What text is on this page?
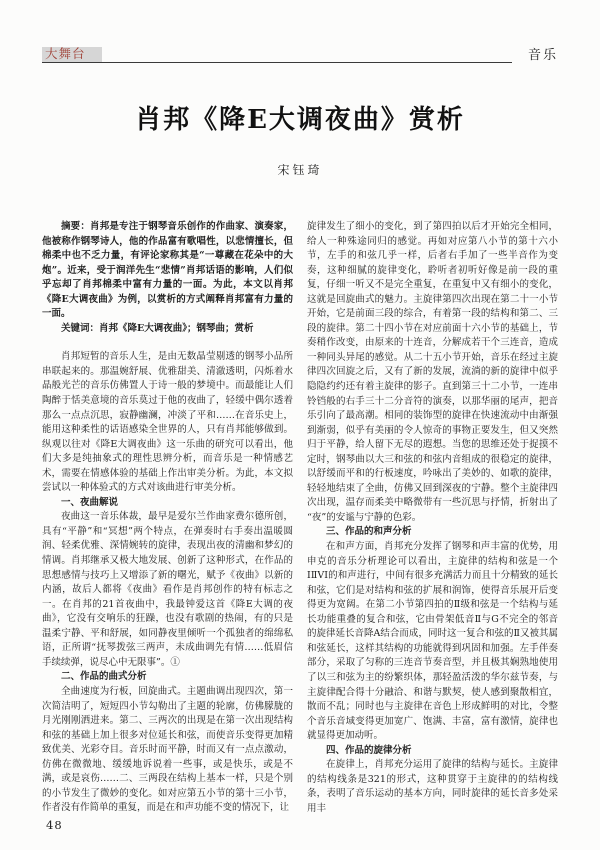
大舞台	音乐
肖邦《降E大调夜曲》赏析
宋钰琦

摘要：肖邦是专注于钢琴音乐创作的作曲家、演奏家，他被称作钢琴诗人，他的作品富有歌唱性，以悲情擅长，但棉柔中也不乏力量，有评论家称其是“一尊藏在花朵中的大炮”。近来，受于润洋先生“悲情”肖邦话语的影响，人们似乎忘却了肖邦棉柔中富有力量的一面。为此，本文以肖邦《降E大调夜曲》为例，以赏析的方式阐释肖邦富有力量的一面。

关键词：肖邦《降E大调夜曲》；钢琴曲；赏析

肖邦短暂的音乐人生，是由无数晶莹剔透的钢琴小品所串联起来的。那温婉舒展、优雅甜美、清澈透明，闪烁着水晶般光芒的音乐仿佛置人于诗一般的梦境中。而最能让人们陶醉于恬美意境的音乐莫过于他的夜曲了，轻缓中偶尔透着那么一点点沉思，寂静幽澜，冲淡了平和……在音乐史上，能用这种柔性的话语感染全世界的人，只有肖邦能够做到。纵观以往对《降E大调夜曲》这一乐曲的研究可以看出，他们大多是纯抽象式的理性思辨分析，而音乐是一种情感艺术，需要在情感体验的基础上作出审美分析。为此，本文拟尝试以一种体验式的方式对该曲进行审美分析。

一、夜曲解说

夜曲这一音乐体裁，最早是爱尔兰作曲家费尔德所创，具有“平静”和“冥想”两个特点，在弹奏时右手奏出温暖圆润、轻柔优雅、深情婉转的旋律，表现出夜的清幽和梦幻的情调。肖邦继承又极大地发展、创新了这种形式，在作品的思想感情与技巧上又增添了新的曙光，赋予《夜曲》以新的内涵，故后人都将《夜曲》看作是肖邦创作的特有标志之一。在肖邦的21首夜曲中，我最钟爱这首《降E大调的夜曲》，它没有交响乐的狂躁，也没有歌剧的热闹，有的只是温柔宁静、平和舒展，如同静夜里倾听一个孤独者的绵绵私语，正所谓“抚琴拨弦三两声，未成曲调先有情……低眉信手续续弹，说尽心中无限事”。①

二、作品的曲式分析

全曲速度为行板，回旋曲式。主题曲调出现四次，第一次简洁明了，短短四小节勾勒出了主题的轮廓，仿佛朦胧的月光刚刚洒进来。第二、三两次的出现是在第一次出现结构和弦的基础上加上很多对位延长和弦，而使音乐变得更加精致优美、光彩夺目。音乐时而平静，时而又有一点点激动，仿佛在微微地、缓缓地诉说着一些事，或是快乐，或是不满，或是哀伤……二、三两段在结构上基本一样，只是个别的小节发生了微妙的变化。如对应第五小节的第十三小节，作者没有作简单的重复，而是在和声功能不变的情况下，让

旋律发生了细小的变化，到了第四拍以后才开始完全相同，给人一种殊途同归的感觉。再如对应第八小节的第十六小节，左手的和弦几乎一样，后者右手加了一些半音作为变奏，这种细腻的旋律变化，聆听者初听好像是前一段的重复，仔细一听又不是完全重复，在重复中又有细小的变化，这就是回旋曲式的魅力。主旋律第四次出现在第二十一小节开始，它是前面三段的综合，有着第一段的结构和第二、三段的旋律。第二十四小节在对应前面十六小节的基础上，节奏稍作改变，由原来的十连音，分解成若干个三连音，造成一种同头异尾的感觉。从二十五小节开始，音乐在经过主旋律四次回旋之后，又有了新的发展，流淌的新的旋律中似乎隐隐约约还有着主旋律的影子。直到第三十二小节，一连串铃铛般的右手三十二分音符的演奏，以那华丽的尾声，把音乐引向了最高潮。相同的装饰型的旋律在快速流动中由渐强到渐弱，似乎有美丽的令人惊奇的事物正要发生，但又突然归于平静，给人留下无尽的遐想。当您的思维还处于捉摸不定时，钢琴曲以大三和弦的和弦内音组成的很稳定的旋律，以舒缓而平和的行板速度，吟咏出了美妙的、如歌的旋律，轻轻地结束了全曲，仿佛又回到深夜的宁静。整个主旋律四次出现，温存而柔美中略微带有一些沉思与抒情，折射出了“夜”的安谧与宁静的色彩。

三、作品的和声分析

在和声方面，肖邦充分发挥了钢琴和声丰富的优势，用申克的音乐分析理论可以看出，主旋律的结构和弦是一个ⅠⅡⅤⅠ的和声进行，中间有很多充满活力而且十分精致的延长和弦，它们是对结构和弦的扩展和润饰，使得音乐展开后变得更为宽阔。在第二小节第四拍的Ⅱ级和弦是一个结构与延长功能重叠的复合和弦，它由骨架低音Ⅱ与G不完全的邻音的旋律延长音降A结合而成，同时这一复合和弦的Ⅱ又被其属和弦延长，这样其结构的功能就得到巩固和加强。左手伴奏部分，采取了匀称的三连音节奏音型，并且极其娴熟地使用了以三和弦为主的纷繁织体，那轻盈活泼的华尔兹节奏，与主旋律配合得十分融洽、和谐与默契，使人感到聚散相宜，散而不乱；同时也与主旋律在音色上形成鲜明的对比，令整个音乐音域变得更加宽广、饱满、丰富，富有激情，旋律也就显得更加动听。

四、作品的旋律分析

在旋律上，肖邦充分运用了旋律的结构与延长。主旋律的结构线条是321的形式，这种贯穿于主旋律的的结构线条，表明了音乐运动的基本方向，同时旋律的延长音多处采用丰

48
